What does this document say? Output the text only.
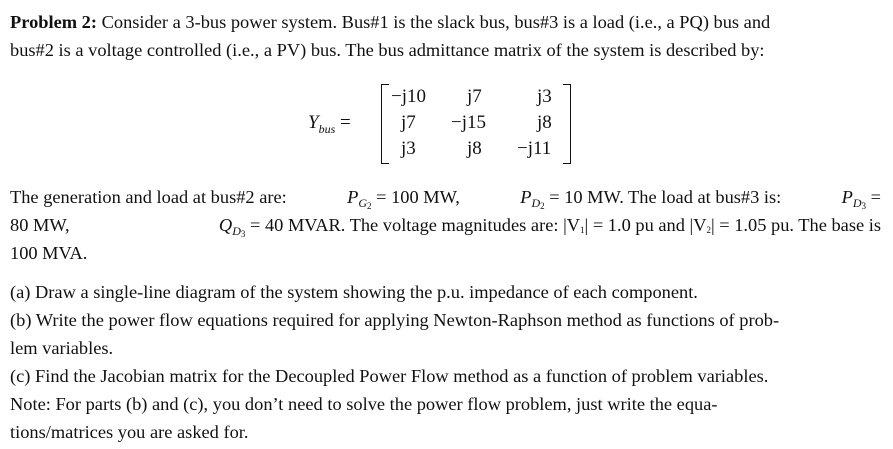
Problem 2: Consider a 3-bus power system. Bus#1 is the slack bus, bus#3 is a load (i.e., a PQ) bus and
bus#2 is a voltage controlled (i.e., a PV) bus. The bus admittance matrix of the system is described by:
$Y_{bus}$ =
−j10 j7	j3
j7 −j15	j8
j3	j8 −j11
The generation and load at bus#2 are:	$P_{G_2} = 100$ MW,	$P_{D_2} = 10$ MW. The load at bus#3 is:	$P_{D_3}$ =
80 MW,	$Q_{D_3} = 40$ MVAR. The voltage magnitudes are: $|V_1| = 1.0$ pu and $|V_2| = 1.05$ pu. The base is
100 MVA.
(a) Draw a single-line diagram of the system showing the p.u. impedance of each component.
(b) Write the power flow equations required for applying Newton-Raphson method as functions of prob-
lem variables.
(c) Find the Jacobian matrix for the Decoupled Power Flow method as a function of problem variables.
Note: For parts (b) and (c), you don’t need to solve the power flow problem, just write the equa-
tions/matrices you are asked for.
